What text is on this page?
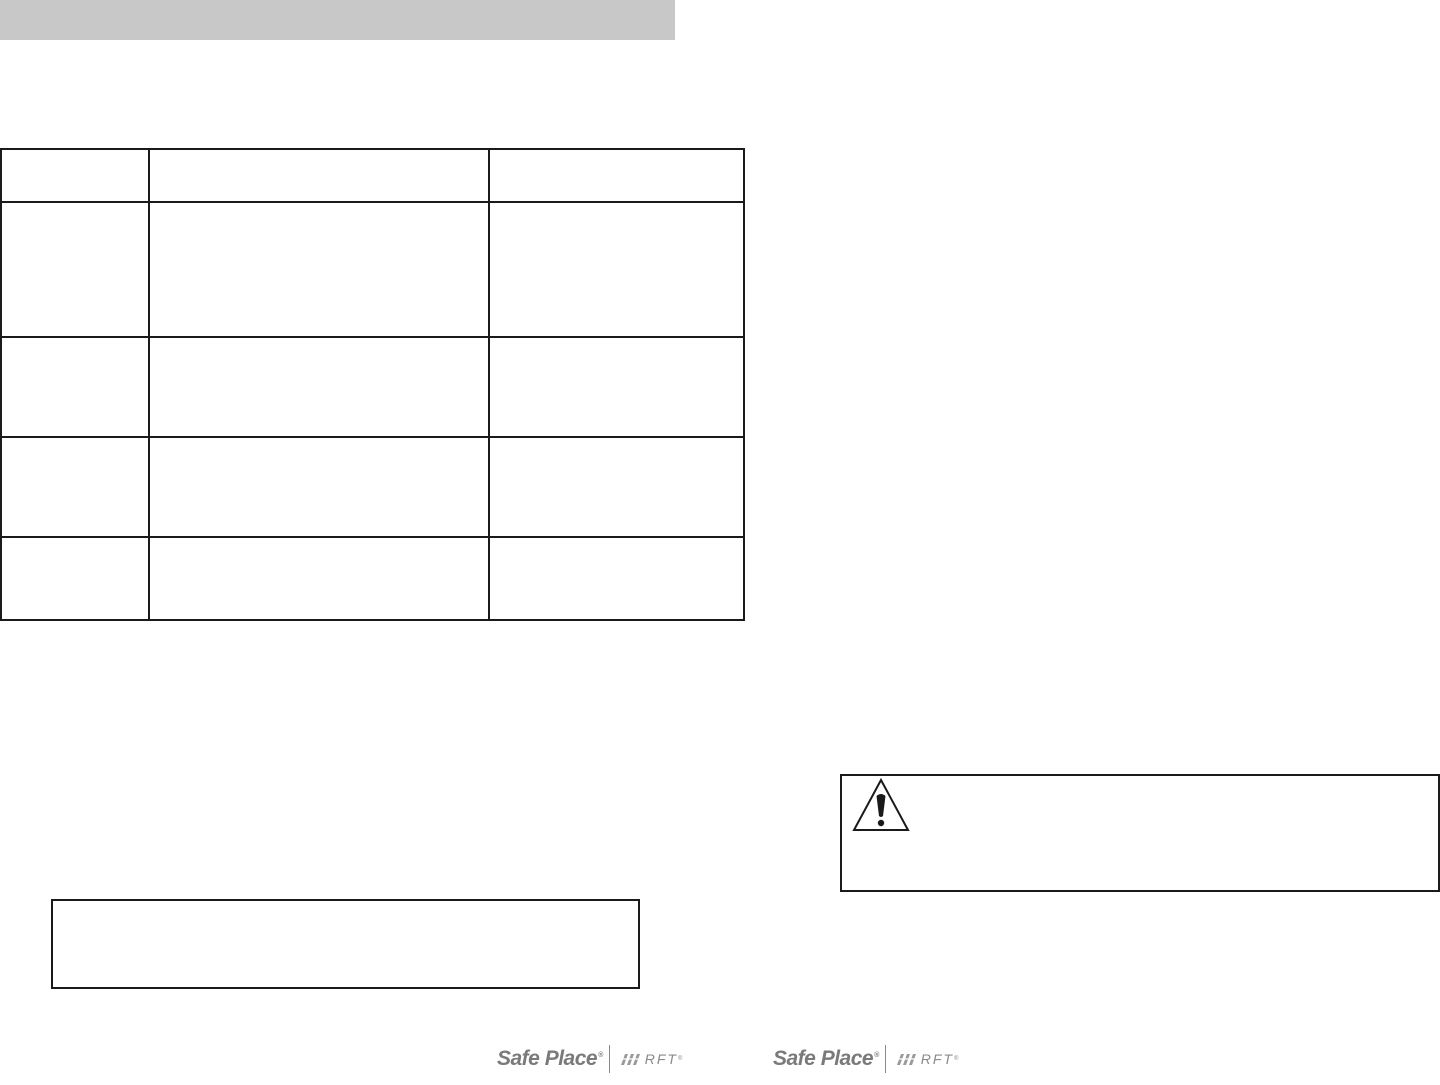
Safe Place®	RFT ®	Safe Place®	RFT ®
